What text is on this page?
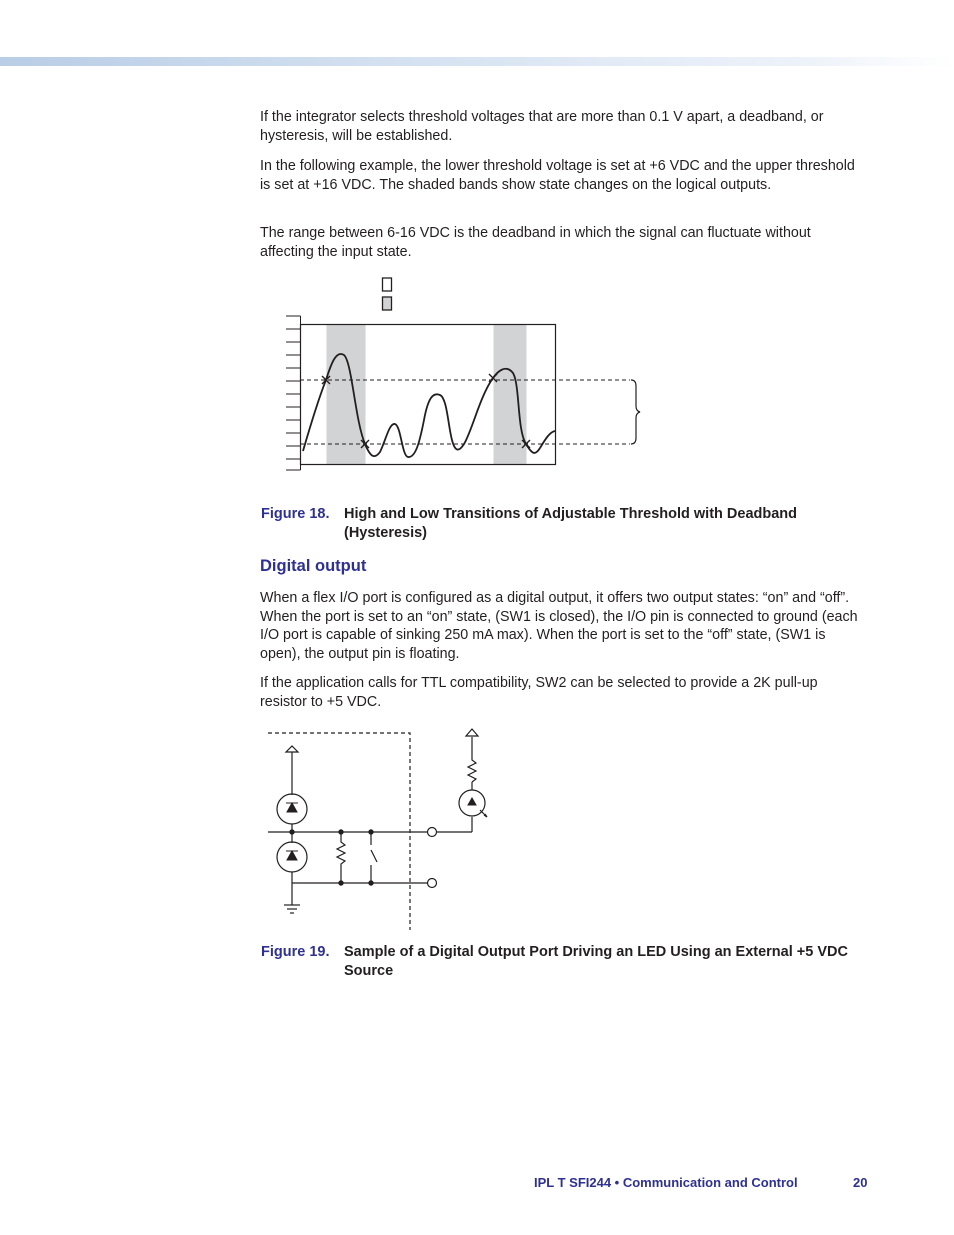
If the integrator selects threshold voltages that are more than 0.1 V apart, a deadband, or hysteresis, will be established.

In the following example, the lower threshold voltage is set at +6 VDC and the upper threshold is set at +16 VDC. The shaded bands show state changes on the logical outputs.

The range between 6-16 VDC is the deadband in which the signal can fluctuate without affecting the input state.

Figure 18. High and Low Transitions of Adjustable Threshold with Deadband (Hysteresis)
Digital output

When a flex I/O port is configured as a digital output, it offers two output states: “on” and “off”. When the port is set to an “on” state, (SW1 is closed), the I/O pin is connected to ground (each I/O port is capable of sinking 250 mA max). When the port is set to the “off” state, (SW1 is open), the output pin is floating.

If the application calls for TTL compatibility, SW2 can be selected to provide a 2K pull-up resistor to +5 VDC.

Figure 19. Sample of a Digital Output Port Driving an LED Using an External +5 VDC Source
IPL T SFI244 • Communication and Control	20
